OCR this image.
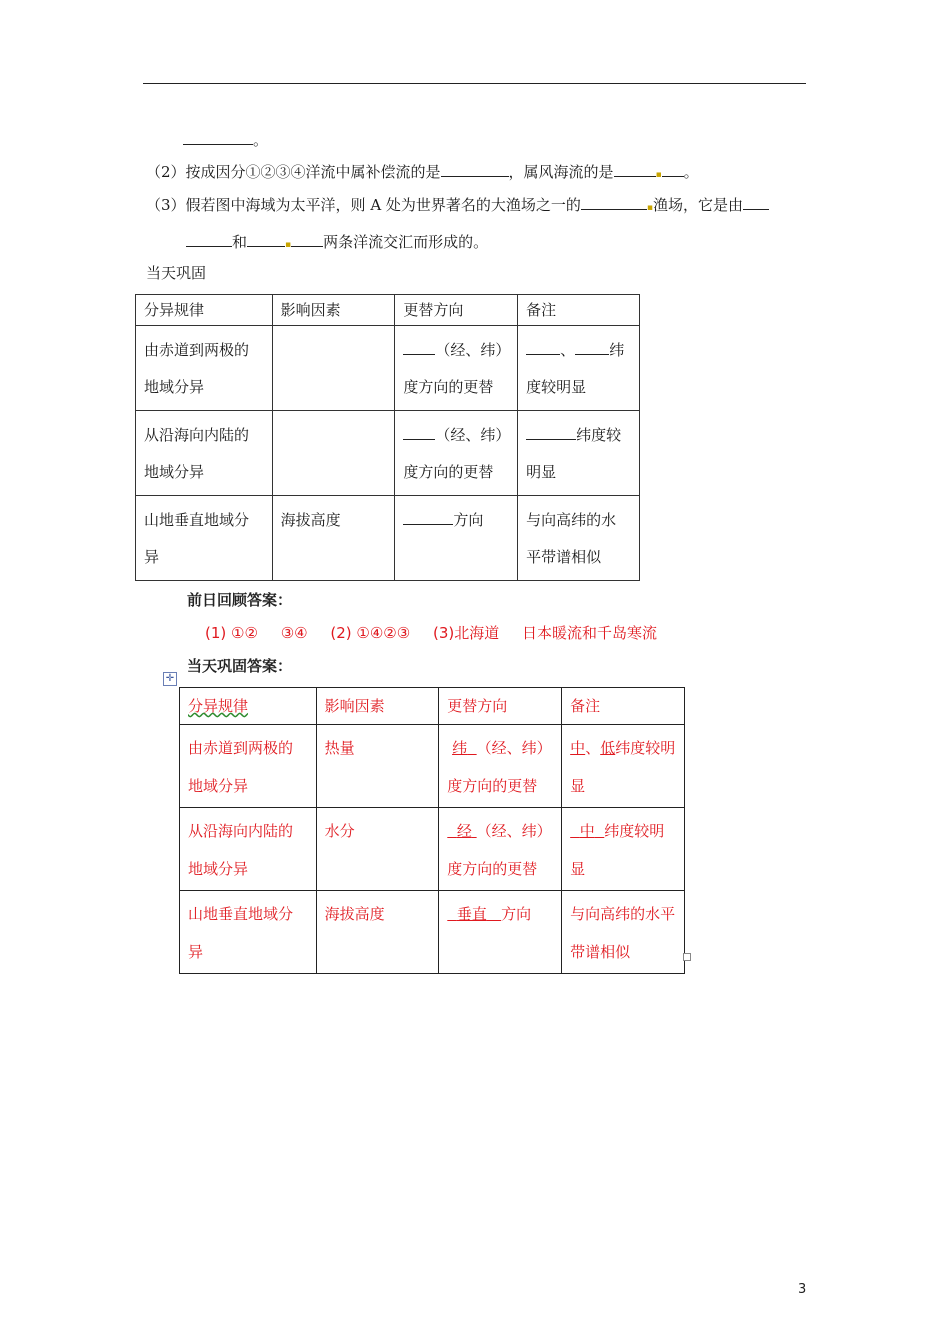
。
（2）按成因分①②③④洋流中属补偿流的是	，属风海流的是	▪ 。
（3）假若图中海域为太平洋，则 A 处为世界著名的大渔场之一的	▪渔场，它是由
和	▪ 两条洋流交汇而形成的。
当天巩固
分异规律	影响因素	更替方向	备注
由赤道到两极的地域分异		（经、纬）度方向的更替	、 纬度较明显
从沿海向内陆的地域分异		（经、纬）度方向的更替	纬度较明显
山地垂直地域分异	海拔高度	方向	与向高纬的水平带谱相似
前日回顾答案：
(1) ①② ③④ (2) ①④②③ (3)北海道 日本暖流和千岛寒流
当天巩固答案：
✛
分异规律	影响因素	更替方向	备注
由赤道到两极的地域分异	热量	纬 （经、纬）度方向的更替	中、低纬度较明显
从沿海向内陆的地域分异	水分	经 （经、纬）度方向的更替	中 纬度较明显
山地垂直地域分异	海拔高度	垂直 方向	与向高纬的水平带谱相似
3
